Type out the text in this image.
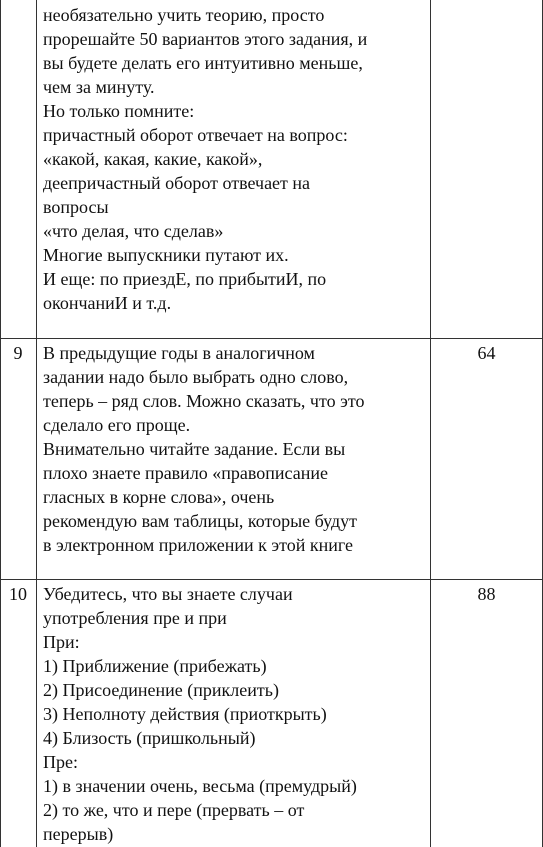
необязательно учить теорию, просто
прорешайте 50 вариантов этого задания, и
вы будете делать его интуитивно меньше,
чем за минуту.
Но только помните:
причастный оборот отвечает на вопрос:
«какой, какая, какие, какой»,
деепричастный оборот отвечает на
вопросы
«что делая, что сделав»
Многие выпускники путают их.
И еще: по приездЕ, по прибытиИ, по
окончаниИ и т.д.
9	В предыдущие годы в аналогичном
задании надо было выбрать одно слово,
теперь – ряд слов. Можно сказать, что это
сделало его проще.
Внимательно читайте задание. Если вы
плохо знаете правило «правописание
гласных в корне слова», очень
рекомендую вам таблицы, которые будут
в электронном приложении к этой книге
64
10 Убедитесь, что вы знаете случаи
употребления пре и при
При:
1) Приближение (прибежать)
2) Присоединение (приклеить)
3) Неполноту действия (приоткрыть)
4) Близость (пришкольный)
Пре:
1) в значении очень, весьма (премудрый)
2) то же, что и пере (прервать – от
перерыв)
88
